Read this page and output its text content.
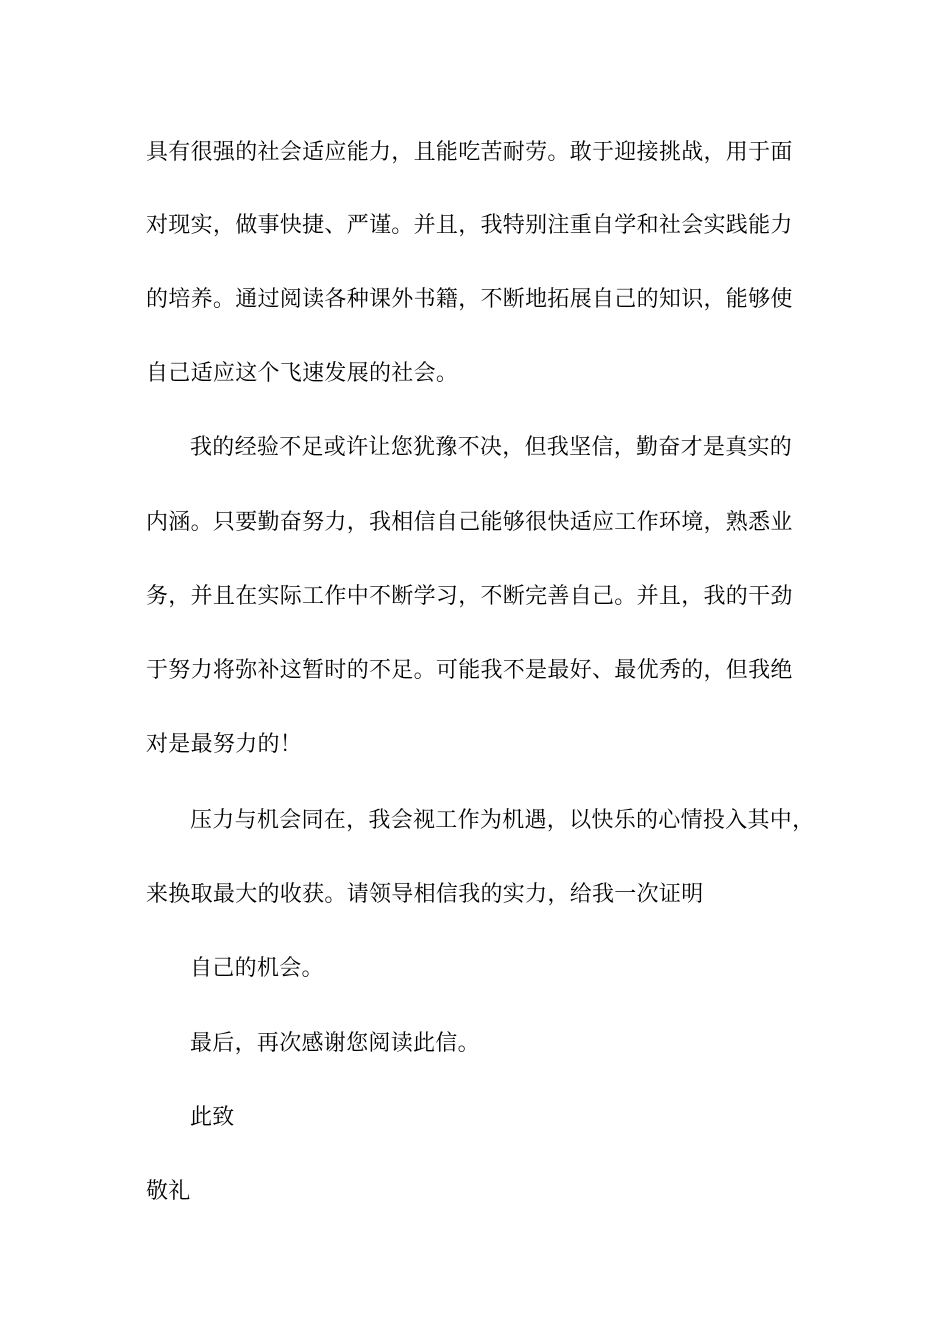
具有很强的社会适应能力，且能吃苦耐劳。敢于迎接挑战，用于面
对现实，做事快捷、严谨。并且，我特别注重自学和社会实践能力
的培养。通过阅读各种课外书籍，不断地拓展自己的知识，能够使
自己适应这个飞速发展的社会。
我的经验不足或许让您犹豫不决，但我坚信，勤奋才是真实的
内涵。只要勤奋努力，我相信自己能够很快适应工作环境，熟悉业
务，并且在实际工作中不断学习，不断完善自己。并且，我的干劲
于努力将弥补这暂时的不足。可能我不是最好、最优秀的，但我绝
对是最努力的！
压力与机会同在，我会视工作为机遇，以快乐的心情投入其中，
来换取最大的收获。请领导相信我的实力，给我一次证明
自己的机会。
最后，再次感谢您阅读此信。
此致
敬礼
